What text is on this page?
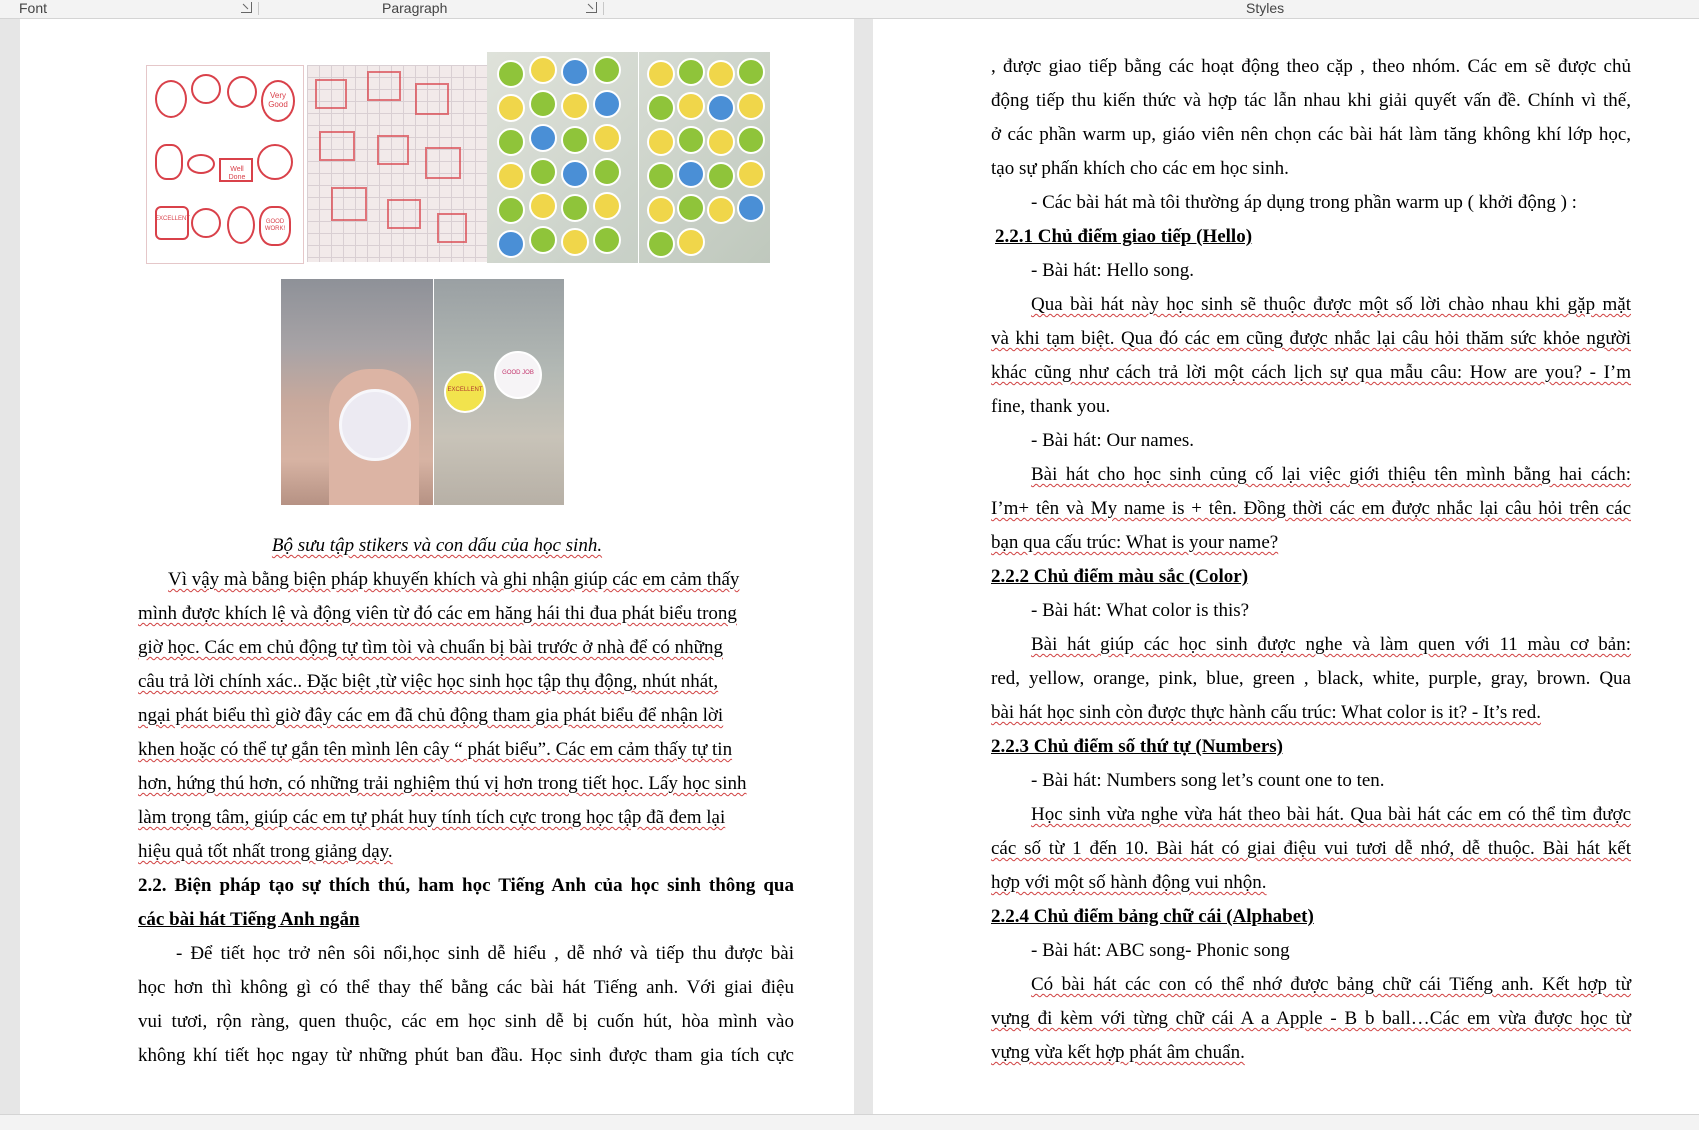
Font	Paragraph	Styles
Very Good
Well Done
EXCELLENT	GOOD WORK!
EXCELLENT
GOOD JOB
Bộ sưu tập stikers và con dấu của học sinh.
Vì vậy mà bằng biện pháp khuyến khích và ghi nhận giúp các em cảm thấy
mình được khích lệ và động viên từ đó các em hăng hái thi đua phát biểu trong
giờ học. Các em chủ động tự tìm tòi và chuẩn bị bài trước ở nhà để có những
câu trả lời chính xác.. Đặc biệt ,từ việc học sinh học tập thụ động, nhút nhát,
ngại phát biểu thì giờ đây các em đã chủ động tham gia phát biểu để nhận lời
khen hoặc có thể tự gắn tên mình lên cây “ phát biểu”. Các em cảm thấy tự tin
hơn, hứng thú hơn, có những trải nghiệm thú vị hơn trong tiết học. Lấy học sinh
làm trọng tâm, giúp các em tự phát huy tính tích cực trong học tập đã đem lại
hiệu quả tốt nhất trong giảng dạy.
2.2. Biện pháp tạo sự thích thú, ham học Tiếng Anh của học sinh thông qua
các bài hát Tiếng Anh ngắn
- Để tiết học trở nên sôi nổi,học sinh dễ hiểu , dễ nhớ và tiếp thu được bài
học hơn thì không gì có thể thay thế bằng các bài hát Tiếng anh. Với giai điệu
vui tươi, rộn ràng, quen thuộc, các em học sinh dễ bị cuốn hút, hòa mình vào
không khí tiết học ngay từ những phút ban đầu. Học sinh được tham gia tích cực
, được giao tiếp bằng các hoạt động theo cặp , theo nhóm. Các em sẽ được chủ
động tiếp thu kiến thức và hợp tác lẫn nhau khi giải quyết vấn đề. Chính vì thế,
ở các phần warm up, giáo viên nên chọn các bài hát làm tăng không khí lớp học,
tạo sự phấn khích cho các em học sinh.
- Các bài hát mà tôi thường áp dụng trong phần warm up ( khởi động ) :
2.2.1 Chủ điểm giao tiếp (Hello)
- Bài hát: Hello song.
Qua bài hát này học sinh sẽ thuộc được một số lời chào nhau khi gặp mặt
và khi tạm biệt. Qua đó các em cũng được nhắc lại câu hỏi thăm sức khỏe người
khác cũng như cách trả lời một cách lịch sự qua mẫu câu: How are you? - I’m
fine, thank you.
- Bài hát: Our names.
Bài hát cho học sinh củng cố lại việc giới thiệu tên mình bằng hai cách:
I’m+ tên và My name is + tên. Đồng thời các em được nhắc lại câu hỏi trên các
bạn qua cấu trúc: What is your name?
2.2.2 Chủ điểm màu sắc (Color)
- Bài hát: What color is this?
Bài hát giúp các học sinh được nghe và làm quen với 11 màu cơ bản:
red, yellow, orange, pink, blue, green , black, white, purple, gray, brown. Qua
bài hát học sinh còn được thực hành cấu trúc: What color is it? - It’s red.
2.2.3 Chủ điểm số thứ tự (Numbers)
- Bài hát: Numbers song let’s count one to ten.
Học sinh vừa nghe vừa hát theo bài hát. Qua bài hát các em có thể tìm được
các số từ 1 đến 10. Bài hát có giai điệu vui tươi dễ nhớ, dễ thuộc. Bài hát kết
hợp với một số hành động vui nhộn.
2.2.4 Chủ điểm bảng chữ cái (Alphabet)
- Bài hát: ABC song- Phonic song
Có bài hát các con có thể nhớ được bảng chữ cái Tiếng anh. Kết hợp từ
vựng đi kèm với từng chữ cái A a Apple - B b ball…Các em vừa được học từ
vựng vừa kết hợp phát âm chuẩn.
